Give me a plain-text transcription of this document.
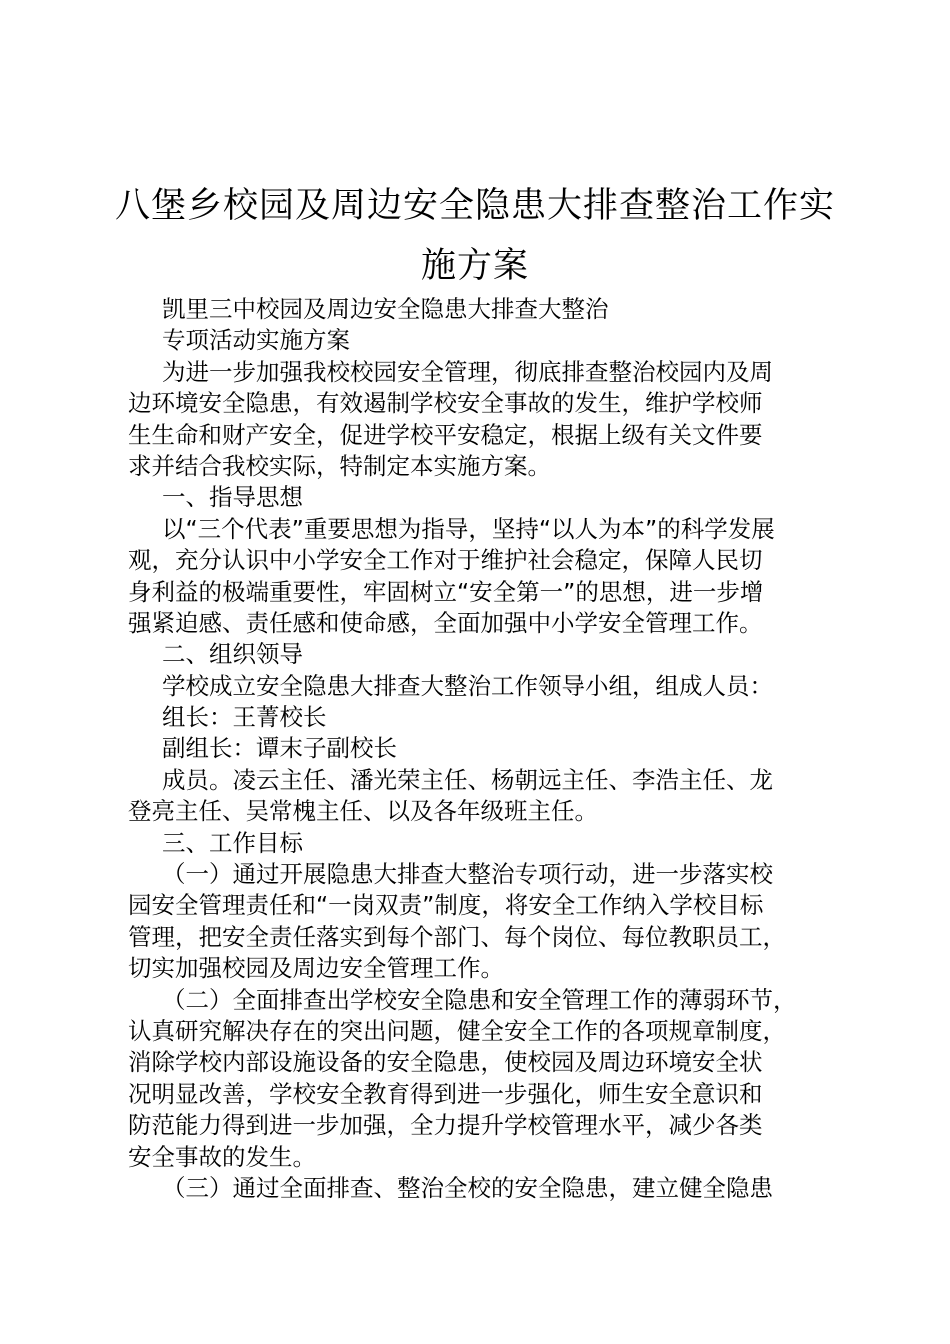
八堡乡校园及周边安全隐患大排查整治工作实
施方案
凯里三中校园及周边安全隐患大排查大整治
专项活动实施方案
为进一步加强我校校园安全管理，彻底排查整治校园内及周
边环境安全隐患，有效遏制学校安全事故的发生，维护学校师
生生命和财产安全，促进学校平安稳定，根据上级有关文件要
求并结合我校实际，特制定本实施方案。
一、指导思想
以“三个代表”重要思想为指导，坚持“以人为本”的科学发展
观，充分认识中小学安全工作对于维护社会稳定，保障人民切
身利益的极端重要性，牢固树立“安全第一”的思想，进一步增
强紧迫感、责任感和使命感，全面加强中小学安全管理工作。
二、组织领导
学校成立安全隐患大排查大整治工作领导小组，组成人员：
组长：王菁校长
副组长：谭末子副校长
成员。凌云主任、潘光荣主任、杨朝远主任、李浩主任、龙
登亮主任、吴常槐主任、以及各年级班主任。
三、工作目标
（一）通过开展隐患大排查大整治专项行动，进一步落实校
园安全管理责任和“一岗双责”制度，将安全工作纳入学校目标
管理，把安全责任落实到每个部门、每个岗位、每位教职员工，
切实加强校园及周边安全管理工作。
（二）全面排查出学校安全隐患和安全管理工作的薄弱环节，
认真研究解决存在的突出问题，健全安全工作的各项规章制度，
消除学校内部设施设备的安全隐患，使校园及周边环境安全状
况明显改善，学校安全教育得到进一步强化，师生安全意识和
防范能力得到进一步加强，全力提升学校管理水平，减少各类
安全事故的发生。
（三）通过全面排查、整治全校的安全隐患，建立健全隐患
